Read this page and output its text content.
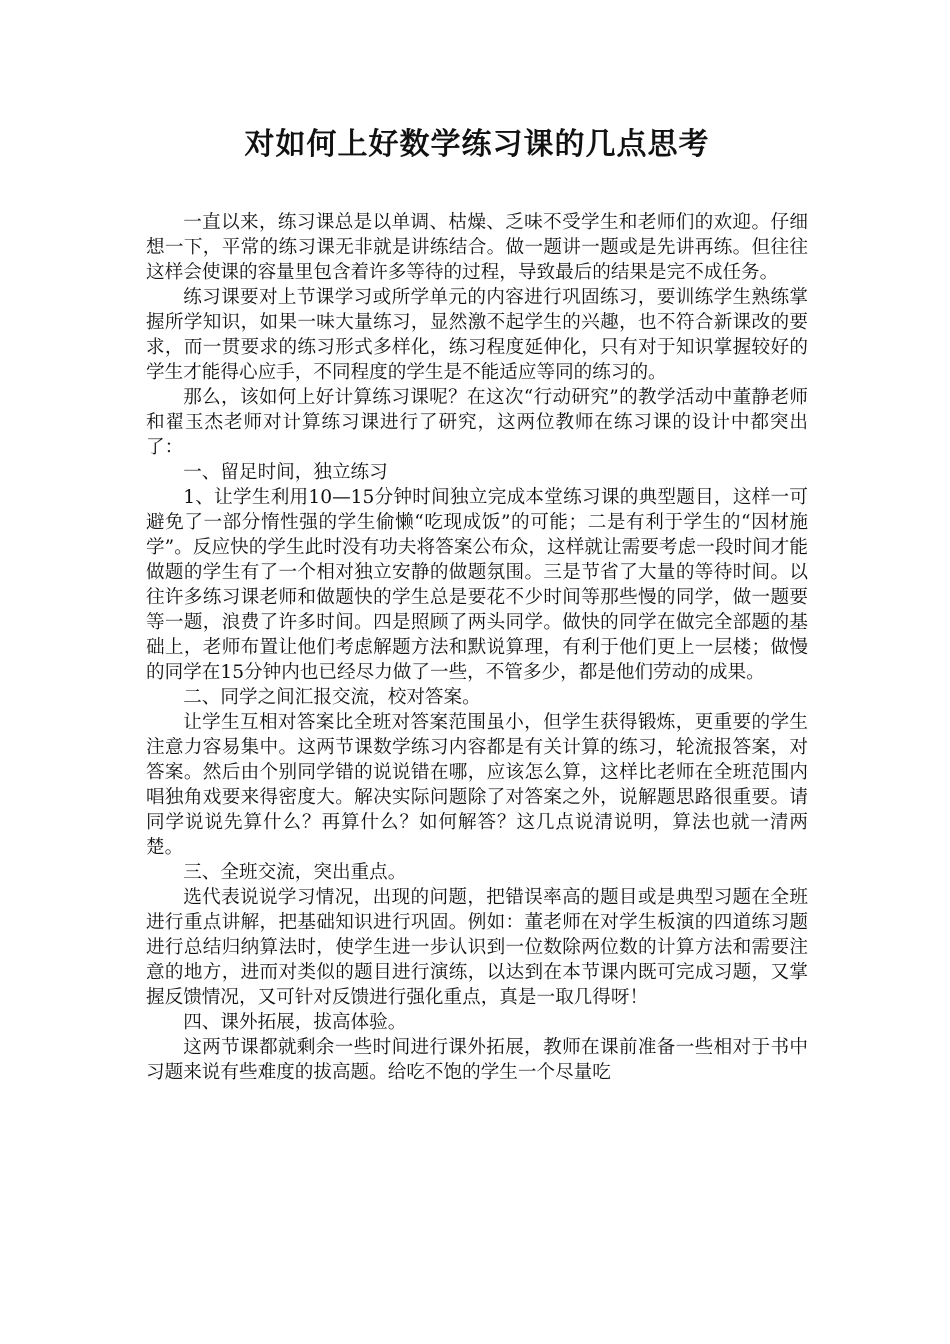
对如何上好数学练习课的几点思考

一直以来，练习课总是以单调、枯燥、乏味不受学生和老师们的欢迎。仔细想一下，平常的练习课无非就是讲练结合。做一题讲一题或是先讲再练。但往往这样会使课的容量里包含着许多等待的过程，导致最后的结果是完不成任务。

练习课要对上节课学习或所学单元的内容进行巩固练习，要训练学生熟练掌握所学知识，如果一味大量练习，显然激不起学生的兴趣，也不符合新课改的要求，而一贯要求的练习形式多样化，练习程度延伸化，只有对于知识掌握较好的学生才能得心应手，不同程度的学生是不能适应等同的练习的。

那么，该如何上好计算练习课呢？在这次“行动研究”的教学活动中董静老师和翟玉杰老师对计算练习课进行了研究，这两位教师在练习课的设计中都突出了：

一、留足时间，独立练习

1、让学生利用10—15分钟时间独立完成本堂练习课的典型题目，这样一可避免了一部分惰性强的学生偷懒“吃现成饭”的可能；二是有利于学生的“因材施学”。反应快的学生此时没有功夫将答案公布众，这样就让需要考虑一段时间才能做题的学生有了一个相对独立安静的做题氛围。三是节省了大量的等待时间。以往许多练习课老师和做题快的学生总是要花不少时间等那些慢的同学，做一题要等一题，浪费了许多时间。四是照顾了两头同学。做快的同学在做完全部题的基础上，老师布置让他们考虑解题方法和默说算理，有利于他们更上一层楼；做慢的同学在15分钟内也已经尽力做了一些，不管多少，都是他们劳动的成果。

二、同学之间汇报交流，校对答案。

让学生互相对答案比全班对答案范围虽小，但学生获得锻炼，更重要的学生注意力容易集中。这两节课数学练习内容都是有关计算的练习，轮流报答案，对答案。然后由个别同学错的说说错在哪，应该怎么算，这样比老师在全班范围内唱独角戏要来得密度大。解决实际问题除了对答案之外，说解题思路很重要。请同学说说先算什么？再算什么？如何解答？这几点说清说明，算法也就一清两楚。

三、全班交流，突出重点。

选代表说说学习情况，出现的问题，把错误率高的题目或是典型习题在全班进行重点讲解，把基础知识进行巩固。例如：董老师在对学生板演的四道练习题进行总结归纳算法时，使学生进一步认识到一位数除两位数的计算方法和需要注意的地方，进而对类似的题目进行演练，以达到在本节课内既可完成习题，又掌握反馈情况，又可针对反馈进行强化重点，真是一取几得呀！

四、课外拓展，拔高体验。

这两节课都就剩余一些时间进行课外拓展，教师在课前准备一些相对于书中习题来说有些难度的拔高题。给吃不饱的学生一个尽量吃
